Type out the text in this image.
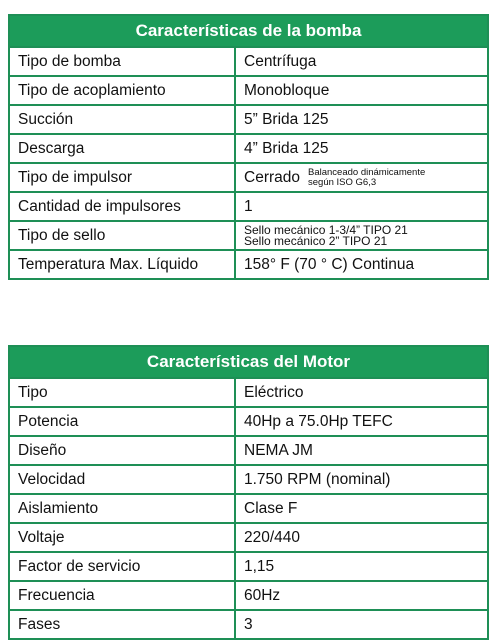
Características de la bomba
Tipo de bomba	Centrífuga
Tipo de acoplamiento	Monobloque
Succión	5” Brida 125
Descarga	4” Brida 125
Tipo de impulsor	Cerrado Balanceado dinámicamente
según ISO G6,3
Cantidad de impulsores	1
Tipo de sello	Sello mecánico 1-3/4” TIPO 21
Sello mecánico 2” TIPO 21
Temperatura Max. Líquido	158° F (70 ° C) Continua
Características del Motor
Tipo	Eléctrico
Potencia	40Hp a 75.0Hp TEFC
Diseño	NEMA JM
Velocidad	1.750 RPM (nominal)
Aislamiento	Clase F
Voltaje	220/440
Factor de servicio	1,15
Frecuencia	60Hz
Fases	3
